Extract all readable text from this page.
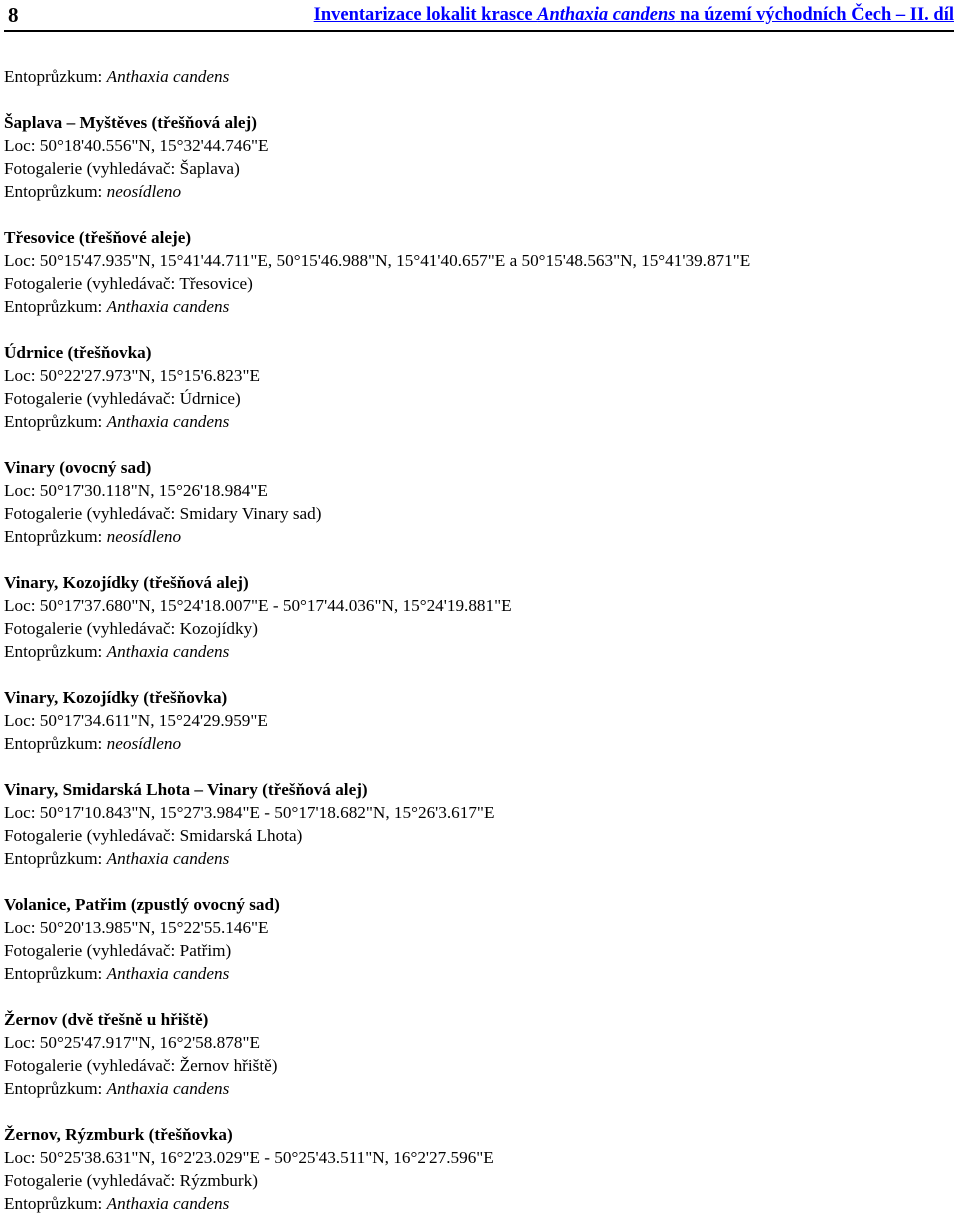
8	Inventarizace lokalit krasce Anthaxia candens na území východních Čech – II. díl
Entoprůzkum: Anthaxia candens
Šaplava – Myštěves (třešňová alej)
Loc: 50°18'40.556"N, 15°32'44.746"E
Fotogalerie (vyhledávač: Šaplava)
Entoprůzkum: neosídleno
Třesovice (třešňové aleje)
Loc: 50°15'47.935"N, 15°41'44.711"E, 50°15'46.988"N, 15°41'40.657"E a 50°15'48.563"N, 15°41'39.871"E
Fotogalerie (vyhledávač: Třesovice)
Entoprůzkum: Anthaxia candens
Údrnice (třešňovka)
Loc: 50°22'27.973"N, 15°15'6.823"E
Fotogalerie (vyhledávač: Údrnice)
Entoprůzkum: Anthaxia candens
Vinary (ovocný sad)
Loc: 50°17'30.118"N, 15°26'18.984"E
Fotogalerie (vyhledávač: Smidary Vinary sad)
Entoprůzkum: neosídleno
Vinary, Kozojídky (třešňová alej)
Loc: 50°17'37.680"N, 15°24'18.007"E - 50°17'44.036"N, 15°24'19.881"E
Fotogalerie (vyhledávač: Kozojídky)
Entoprůzkum: Anthaxia candens
Vinary, Kozojídky (třešňovka)
Loc: 50°17'34.611"N, 15°24'29.959"E
Entoprůzkum: neosídleno
Vinary, Smidarská Lhota – Vinary (třešňová alej)
Loc: 50°17'10.843"N, 15°27'3.984"E - 50°17'18.682"N, 15°26'3.617"E
Fotogalerie (vyhledávač: Smidarská Lhota)
Entoprůzkum: Anthaxia candens
Volanice, Patřim (zpustlý ovocný sad)
Loc: 50°20'13.985"N, 15°22'55.146"E
Fotogalerie (vyhledávač: Patřim)
Entoprůzkum: Anthaxia candens
Žernov (dvě třešně u hřiště)
Loc: 50°25'47.917"N, 16°2'58.878"E
Fotogalerie (vyhledávač: Žernov hřiště)
Entoprůzkum: Anthaxia candens
Žernov, Rýzmburk (třešňovka)
Loc: 50°25'38.631"N, 16°2'23.029"E - 50°25'43.511"N, 16°2'27.596"E
Fotogalerie (vyhledávač: Rýzmburk)
Entoprůzkum: Anthaxia candens
